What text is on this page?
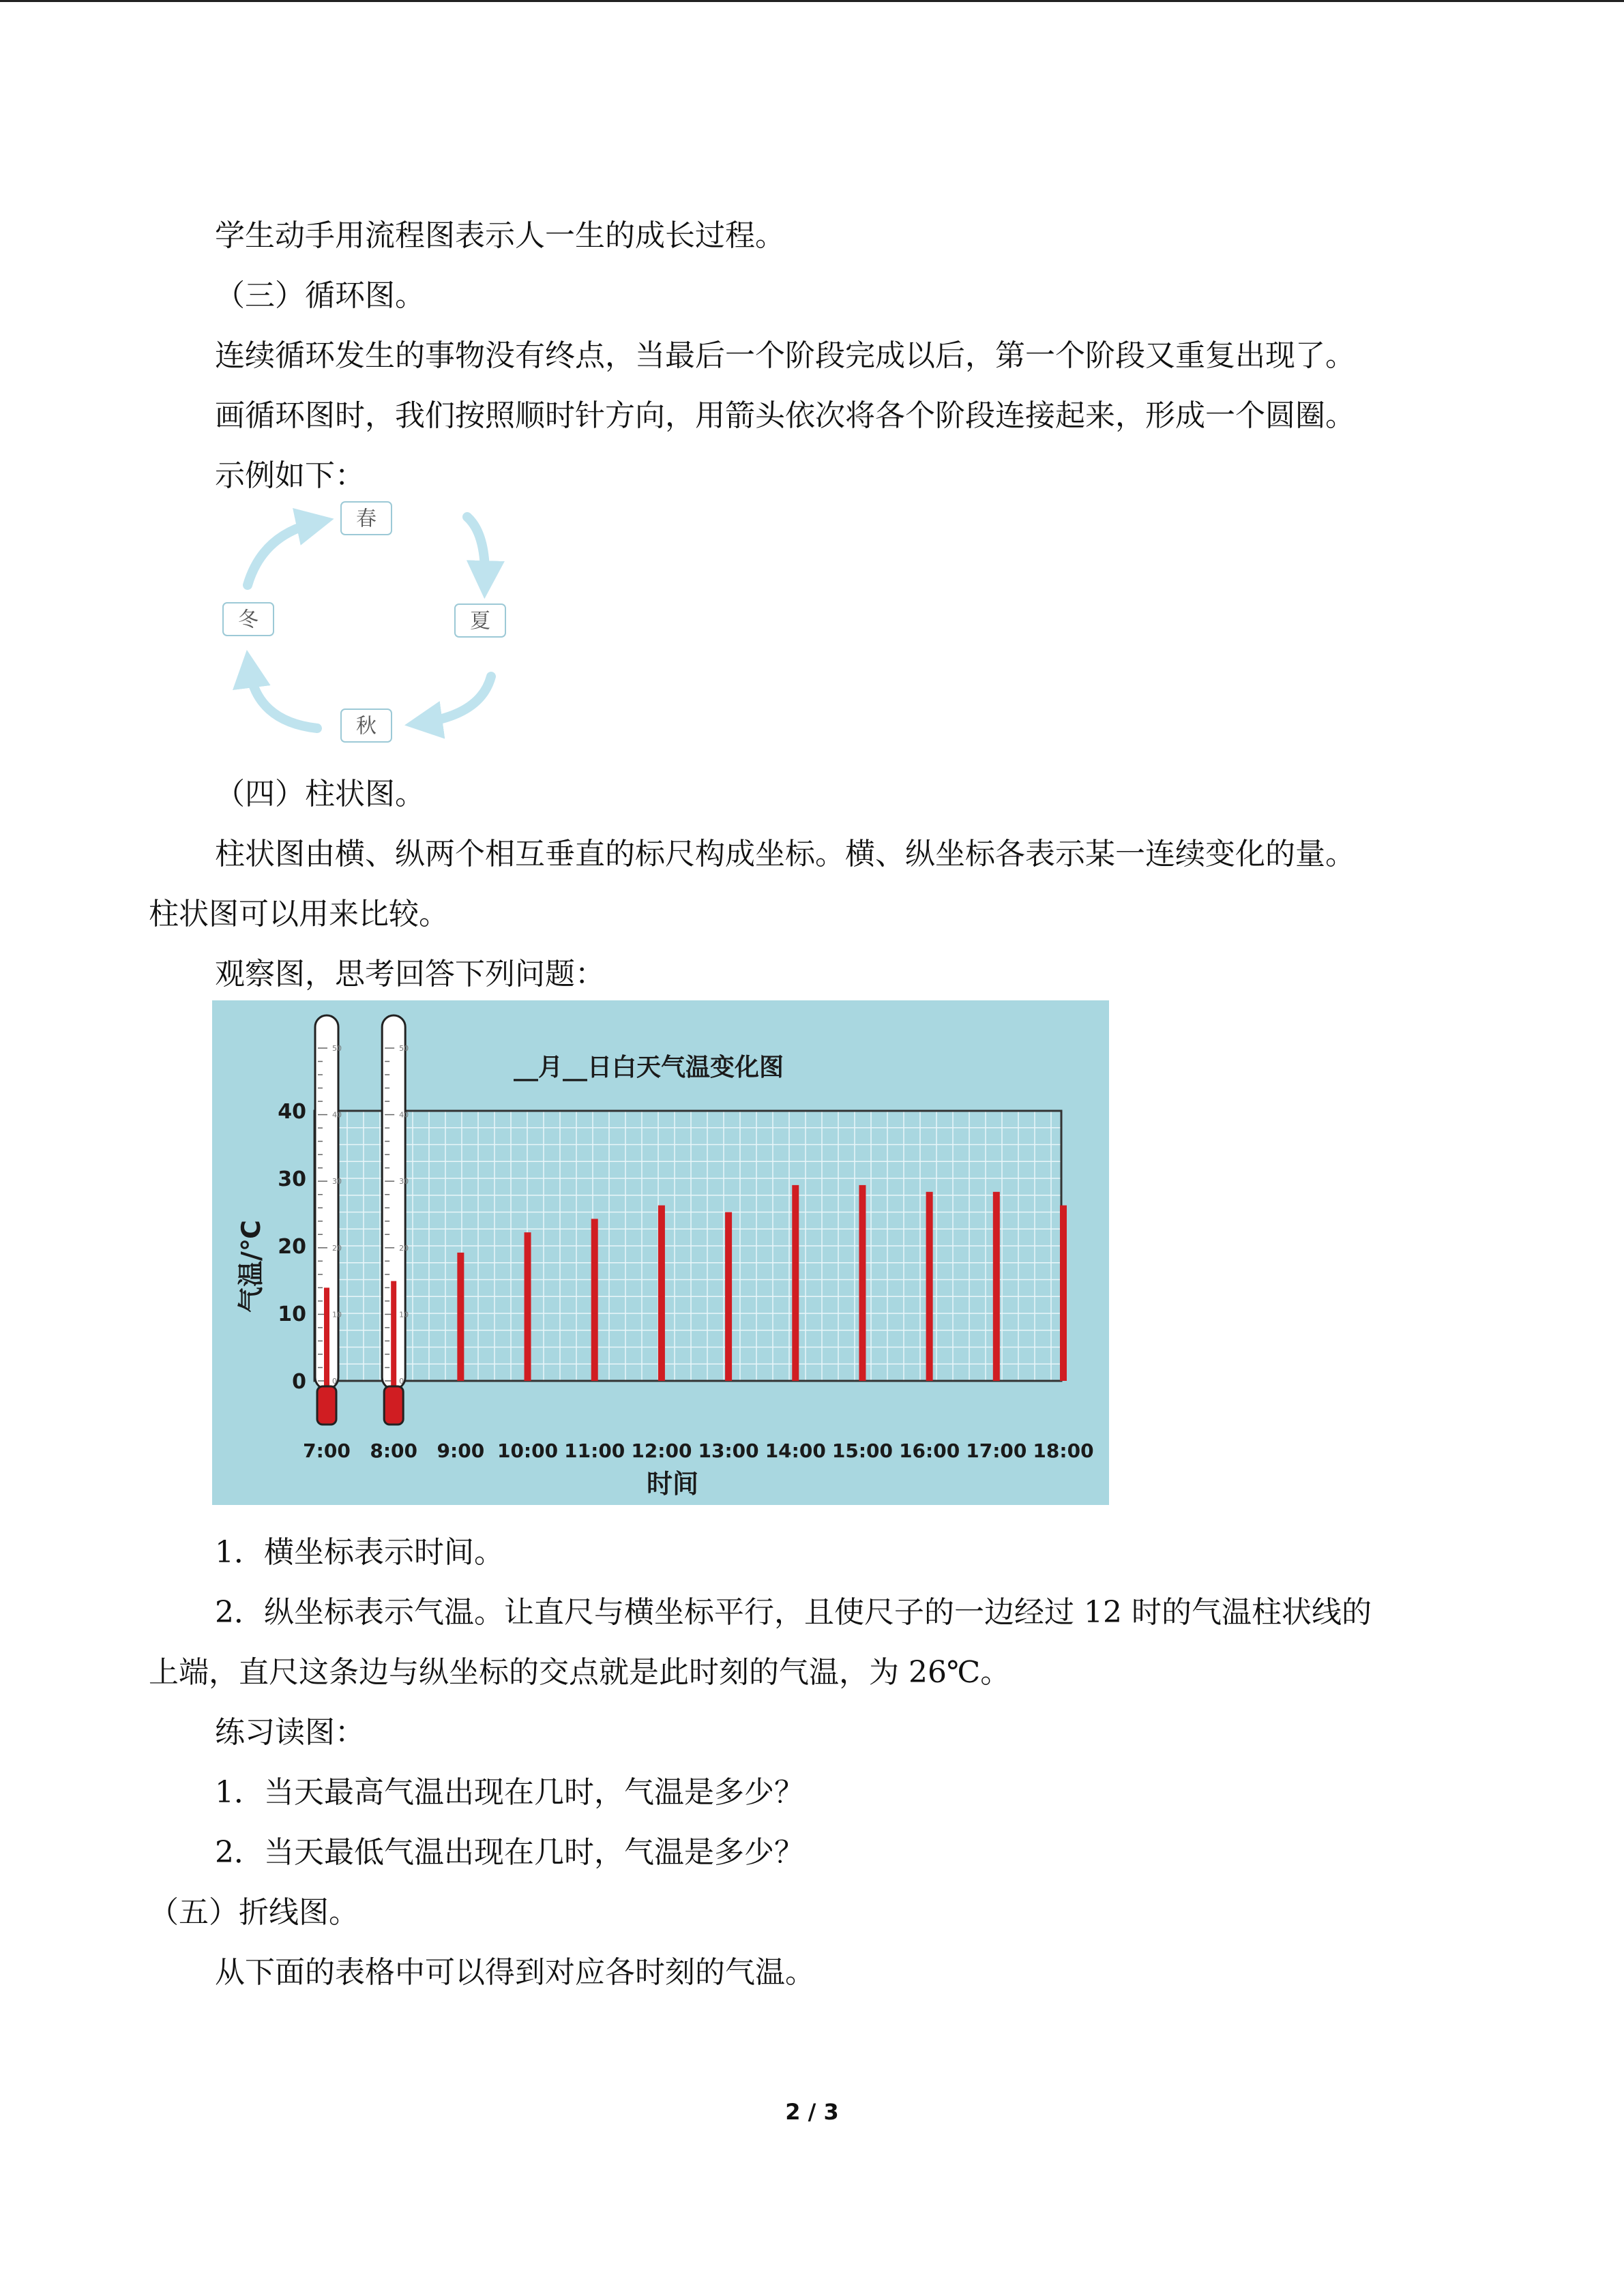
学生动手用流程图表示人一生的成长过程。
（三）循环图。
连续循环发生的事物没有终点，当最后一个阶段完成以后，第一个阶段又重复出现了。
画循环图时，我们按照顺时针方向，用箭头依次将各个阶段连接起来，形成一个圆圈。
示例如下：
春
夏
秋
冬
（四）柱状图。
柱状图由横、纵两个相互垂直的标尺构成坐标。横、纵坐标各表示某一连续变化的量。
柱状图可以用来比较。
观察图，思考回答下列问题：
0
10
20
30
40
50
0
10
20
30
40
50
0
10
20
30
40
7:00 8:00 9:00 10:00 11:00 12:00 13:00 14:00 15:00 16:00 17:00 18:00
__月__日白天气温变化图
时间
气温/℃
1．横坐标表示时间。
2．纵坐标表示气温。让直尺与横坐标平行，且使尺子的一边经过 12 时的气温柱状线的
上端，直尺这条边与纵坐标的交点就是此时刻的气温，为 26℃。
练习读图：
1．当天最高气温出现在几时，气温是多少？
2．当天最低气温出现在几时，气温是多少？
（五）折线图。
从下面的表格中可以得到对应各时刻的气温。
2 / 3
